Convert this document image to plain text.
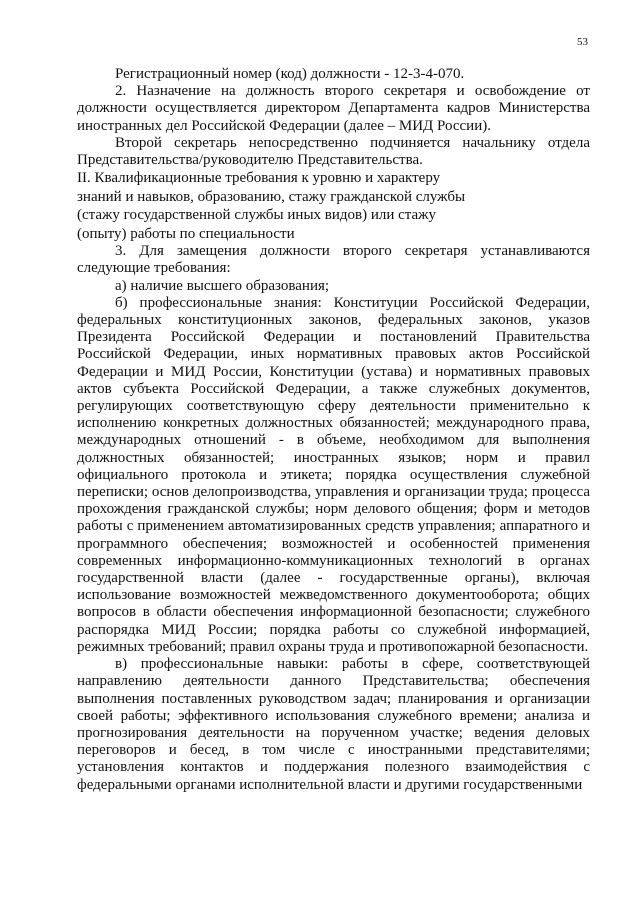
53

Регистрационный номер (код) должности - 12-3-4-070.

2. Назначение на должность второго секретаря и освобождение от должности осуществляется директором Департамента кадров Министерства иностранных дел Российской Федерации (далее – МИД России).

Второй секретарь непосредственно подчиняется начальнику отдела Представительства/руководителю Представительства.

II. Квалификационные требования к уровню и характеру
знаний и навыков, образованию, стажу гражданской службы
(стажу государственной службы иных видов) или стажу
(опыту) работы по специальности

3. Для замещения должности второго секретаря устанавливаются следующие требования:

а) наличие высшего образования;

б) профессиональные знания: Конституции Российской Федерации, федеральных конституционных законов, федеральных законов, указов Президента Российской Федерации и постановлений Правительства Российской Федерации, иных нормативных правовых актов Российской Федерации и МИД России, Конституции (устава) и нормативных правовых актов субъекта Российской Федерации, а также служебных документов, регулирующих соответствующую сферу деятельности применительно к исполнению конкретных должностных обязанностей; международного права, международных отношений - в объеме, необходимом для выполнения должностных обязанностей; иностранных языков; норм и правил официального протокола и этикета; порядка осуществления служебной переписки; основ делопроизводства, управления и организации труда; процесса прохождения гражданской службы; норм делового общения; форм и методов работы с применением автоматизированных средств управления; аппаратного и программного обеспечения; возможностей и особенностей применения современных информационно-коммуникационных технологий в органах государственной власти (далее - государственные органы), включая использование возможностей межведомственного документооборота; общих вопросов в области обеспечения информационной безопасности; служебного распорядка МИД России; порядка работы со служебной информацией, режимных требований; правил охраны труда и противопожарной безопасности.

в) профессиональные навыки: работы в сфере, соответствующей направлению деятельности данного Представительства; обеспечения выполнения поставленных руководством задач; планирования и организации своей работы; эффективного использования служебного времени; анализа и прогнозирования деятельности на порученном участке; ведения деловых переговоров и бесед, в том числе с иностранными представителями; установления контактов и поддержания полезного взаимодействия с федеральными органами исполнительной власти и другими государственными
